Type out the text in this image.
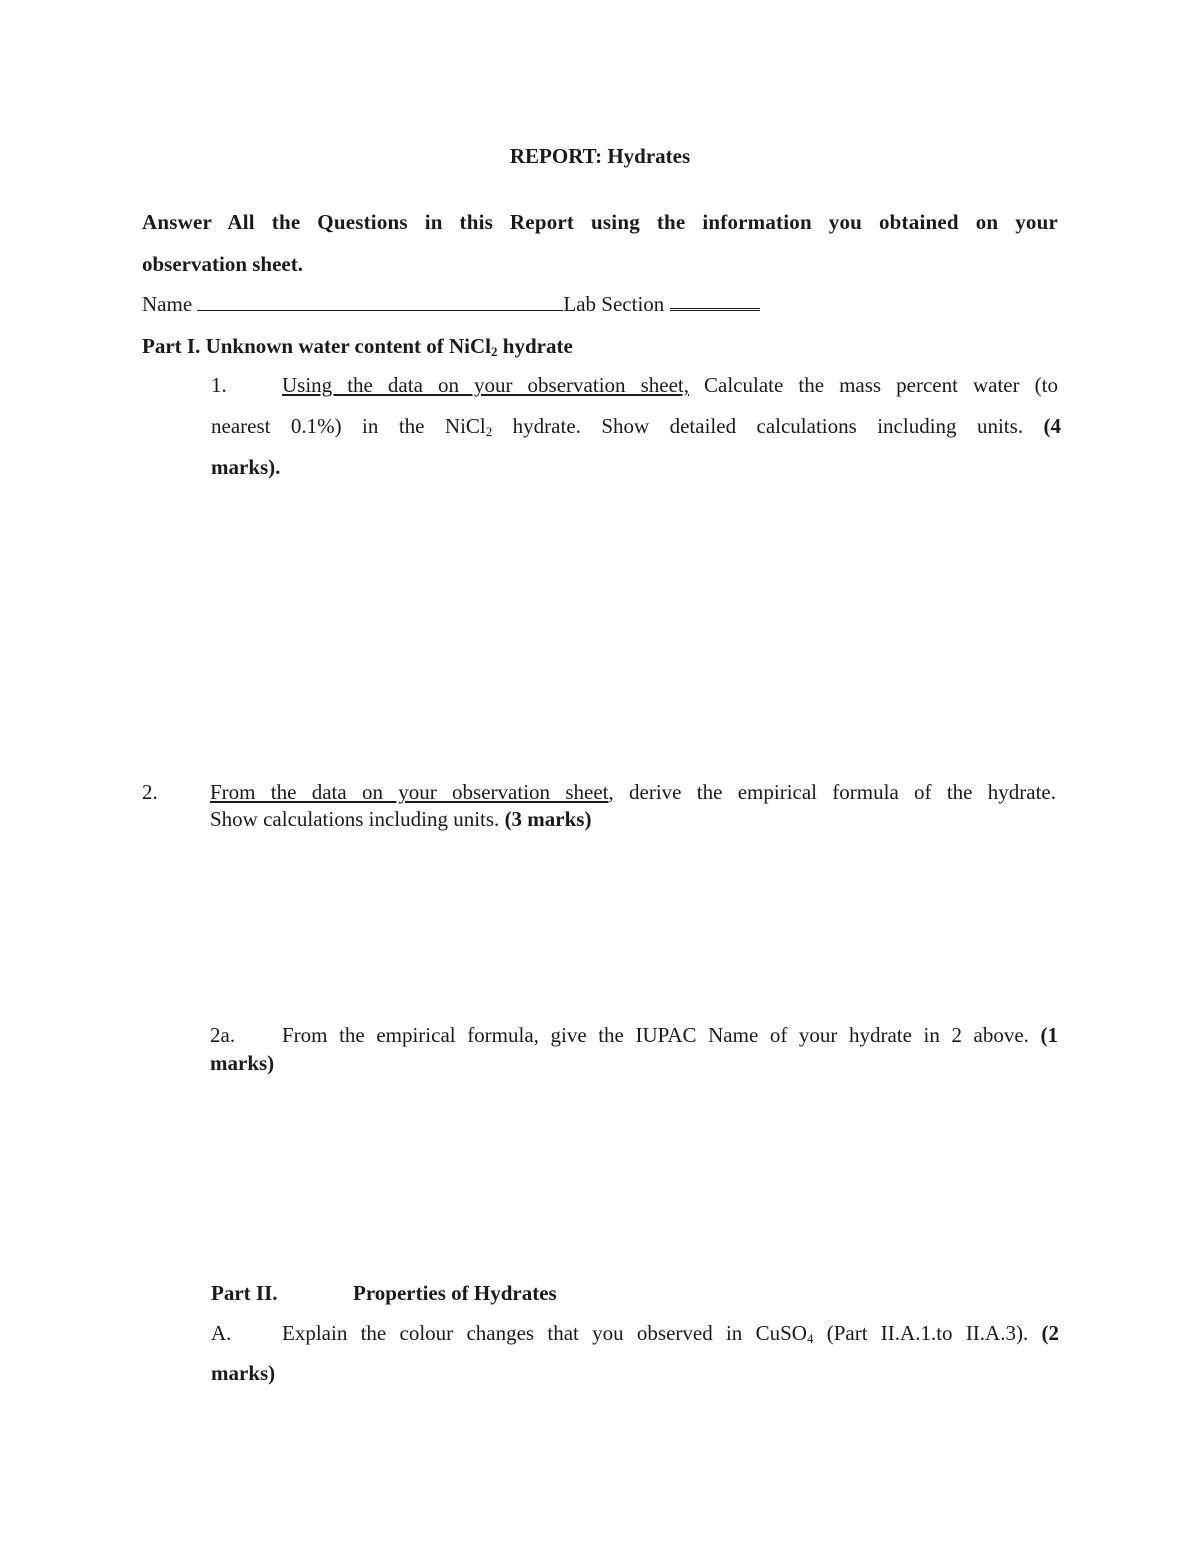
REPORT: Hydrates
Answer All the Questions in this Report using the information you obtained on your
observation sheet.
Name	Lab Section
Part I. Unknown water content of NiCl$_2$ hydrate
1.	Using the data on your observation sheet, Calculate the mass percent water (to
nearest 0.1%) in the NiCl$_2$ hydrate. Show detailed calculations including units. (4
marks).
2. From the data on your observation sheet, derive the empirical formula of the hydrate.
Show calculations including units. (3 marks)
2a. From the empirical formula, give the IUPAC Name of your hydrate in 2 above. (1
marks)
Part II.	Properties of Hydrates
A. Explain the colour changes that you observed in CuSO$_4$ (Part II.A.1.to II.A.3). (2
marks)
